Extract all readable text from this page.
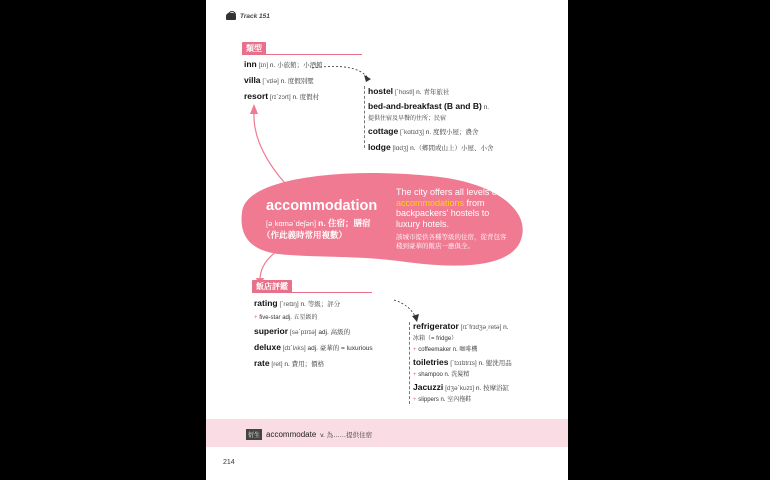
Track 151
類型
inn [ɪn] n. 小旅館；小酒館
villa [ˋvɪlə] n. 度假別墅
resort [rɪˋzɔrt] n. 度假村
hostel [ˋhɑstl] n. 青年旅社
bed-and-breakfast (B and B) n.
提供住宿及早餐的住所；民宿
cottage [ˋkɑtɪdʒ] n. 度假小屋；農舍
lodge [lɑdʒ] n.（鄉間或山上）小屋、小舍
accommodation
[ə͵kɑməˋdeʃən] n. 住宿；膳宿
（作此義時常用複數）
The city offers all levels of accommodations from backpackers' hostels to luxury hotels.
該城市提供各種等級的住宿，從背包客棧到豪華的飯店一應俱全。
飯店評鑑
rating [ˋretɪŋ] n. 等級；評分
+ five-star adj. 五星級的
superior [sə`pɪrɪə] adj. 高級的
deluxe [dɪˋlʌks] adj. 豪華的 = luxurious
rate [ret] n. 費用；價格
refrigerator [rɪˋfrɪdʒə͵retə] n.
冰箱（= fridge）
+ coffeemaker n. 咖啡機
toiletries [ˋtɔɪlɪtrɪs] n. 盥洗用品
+ shampoo n. 洗髮精
Jacuzzi [dʒəˋkuzɪ] n. 按摩浴缸
+ slippers n. 室內拖鞋
衍生 accommodate v. 為……提供住宿
214
